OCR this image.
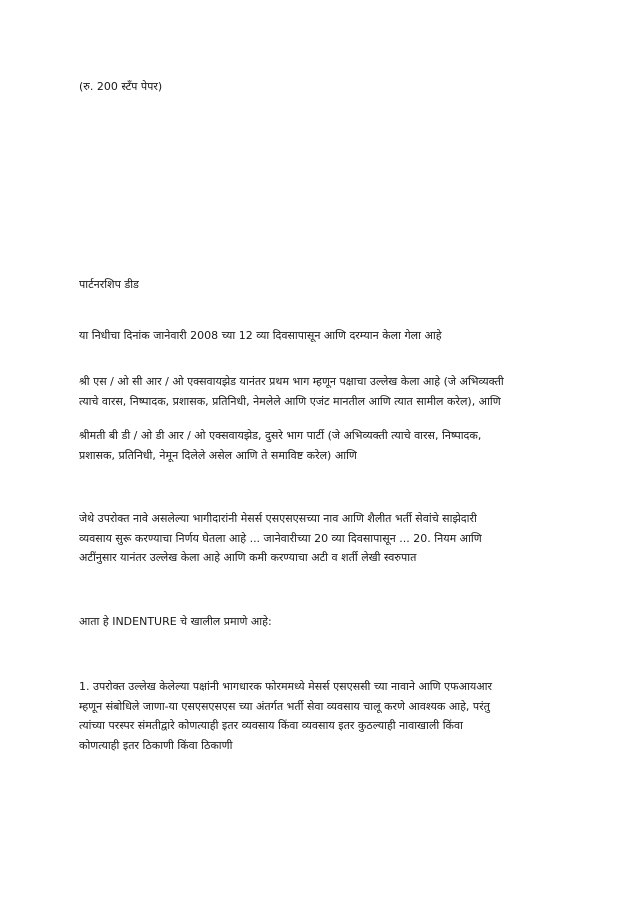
(रु. 200 स्टॅंप पेपर)

पार्टनरशिप डीड

या निधीचा दिनांक जानेवारी 2008 च्या 12 व्या दिवसापासून आणि दरम्यान केला गेला आहे

श्री एस / ओ सी आर / ओ एक्सवायझेड यानंतर प्रथम भाग म्हणून पक्षाचा उल्लेख केला आहे (जे अभिव्यक्ती
त्याचे वारस, निष्पादक, प्रशासक, प्रतिनिधी, नेमलेले आणि एजंट मानतील आणि त्यात सामील करेल), आणि

श्रीमती बी डी / ओ डी आर / ओ एक्सवायझेड, दुसरे भाग पार्टी (जे अभिव्यक्ती त्याचे वारस, निष्पादक,
प्रशासक, प्रतिनिधी, नेमून दिलेले असेल आणि ते समाविष्ट करेल) आणि

जेथे उपरोक्त नावे असलेल्या भागीदारांनी मेसर्स एसएसएसच्या नाव आणि शैलीत भर्ती सेवांचे साझेदारी
व्यवसाय सुरू करण्याचा निर्णय घेतला आहे ... जानेवारीच्या 20 व्या दिवसापासून ... 20. नियम आणि
अटींनुसार यानंतर उल्लेख केला आहे आणि कमी करण्याचा अटी व शर्ती लेखी स्वरुपात

आता हे INDENTURE चे खालील प्रमाणे आहे:

1. उपरोक्त उल्लेख केलेल्या पक्षांनी भागधारक फोरममध्ये मेसर्स एसएससी च्या नावाने आणि एफआयआर
म्हणून संबोधिले जाणा-या एसएसएसएस च्या अंतर्गत भर्ती सेवा व्यवसाय चालू करणे आवश्यक आहे, परंतु
त्यांच्या परस्पर संमतीद्वारे कोणत्याही इतर व्यवसाय किंवा व्यवसाय इतर कुठल्याही नावाखाली किंवा
कोणत्याही इतर ठिकाणी किंवा ठिकाणी
